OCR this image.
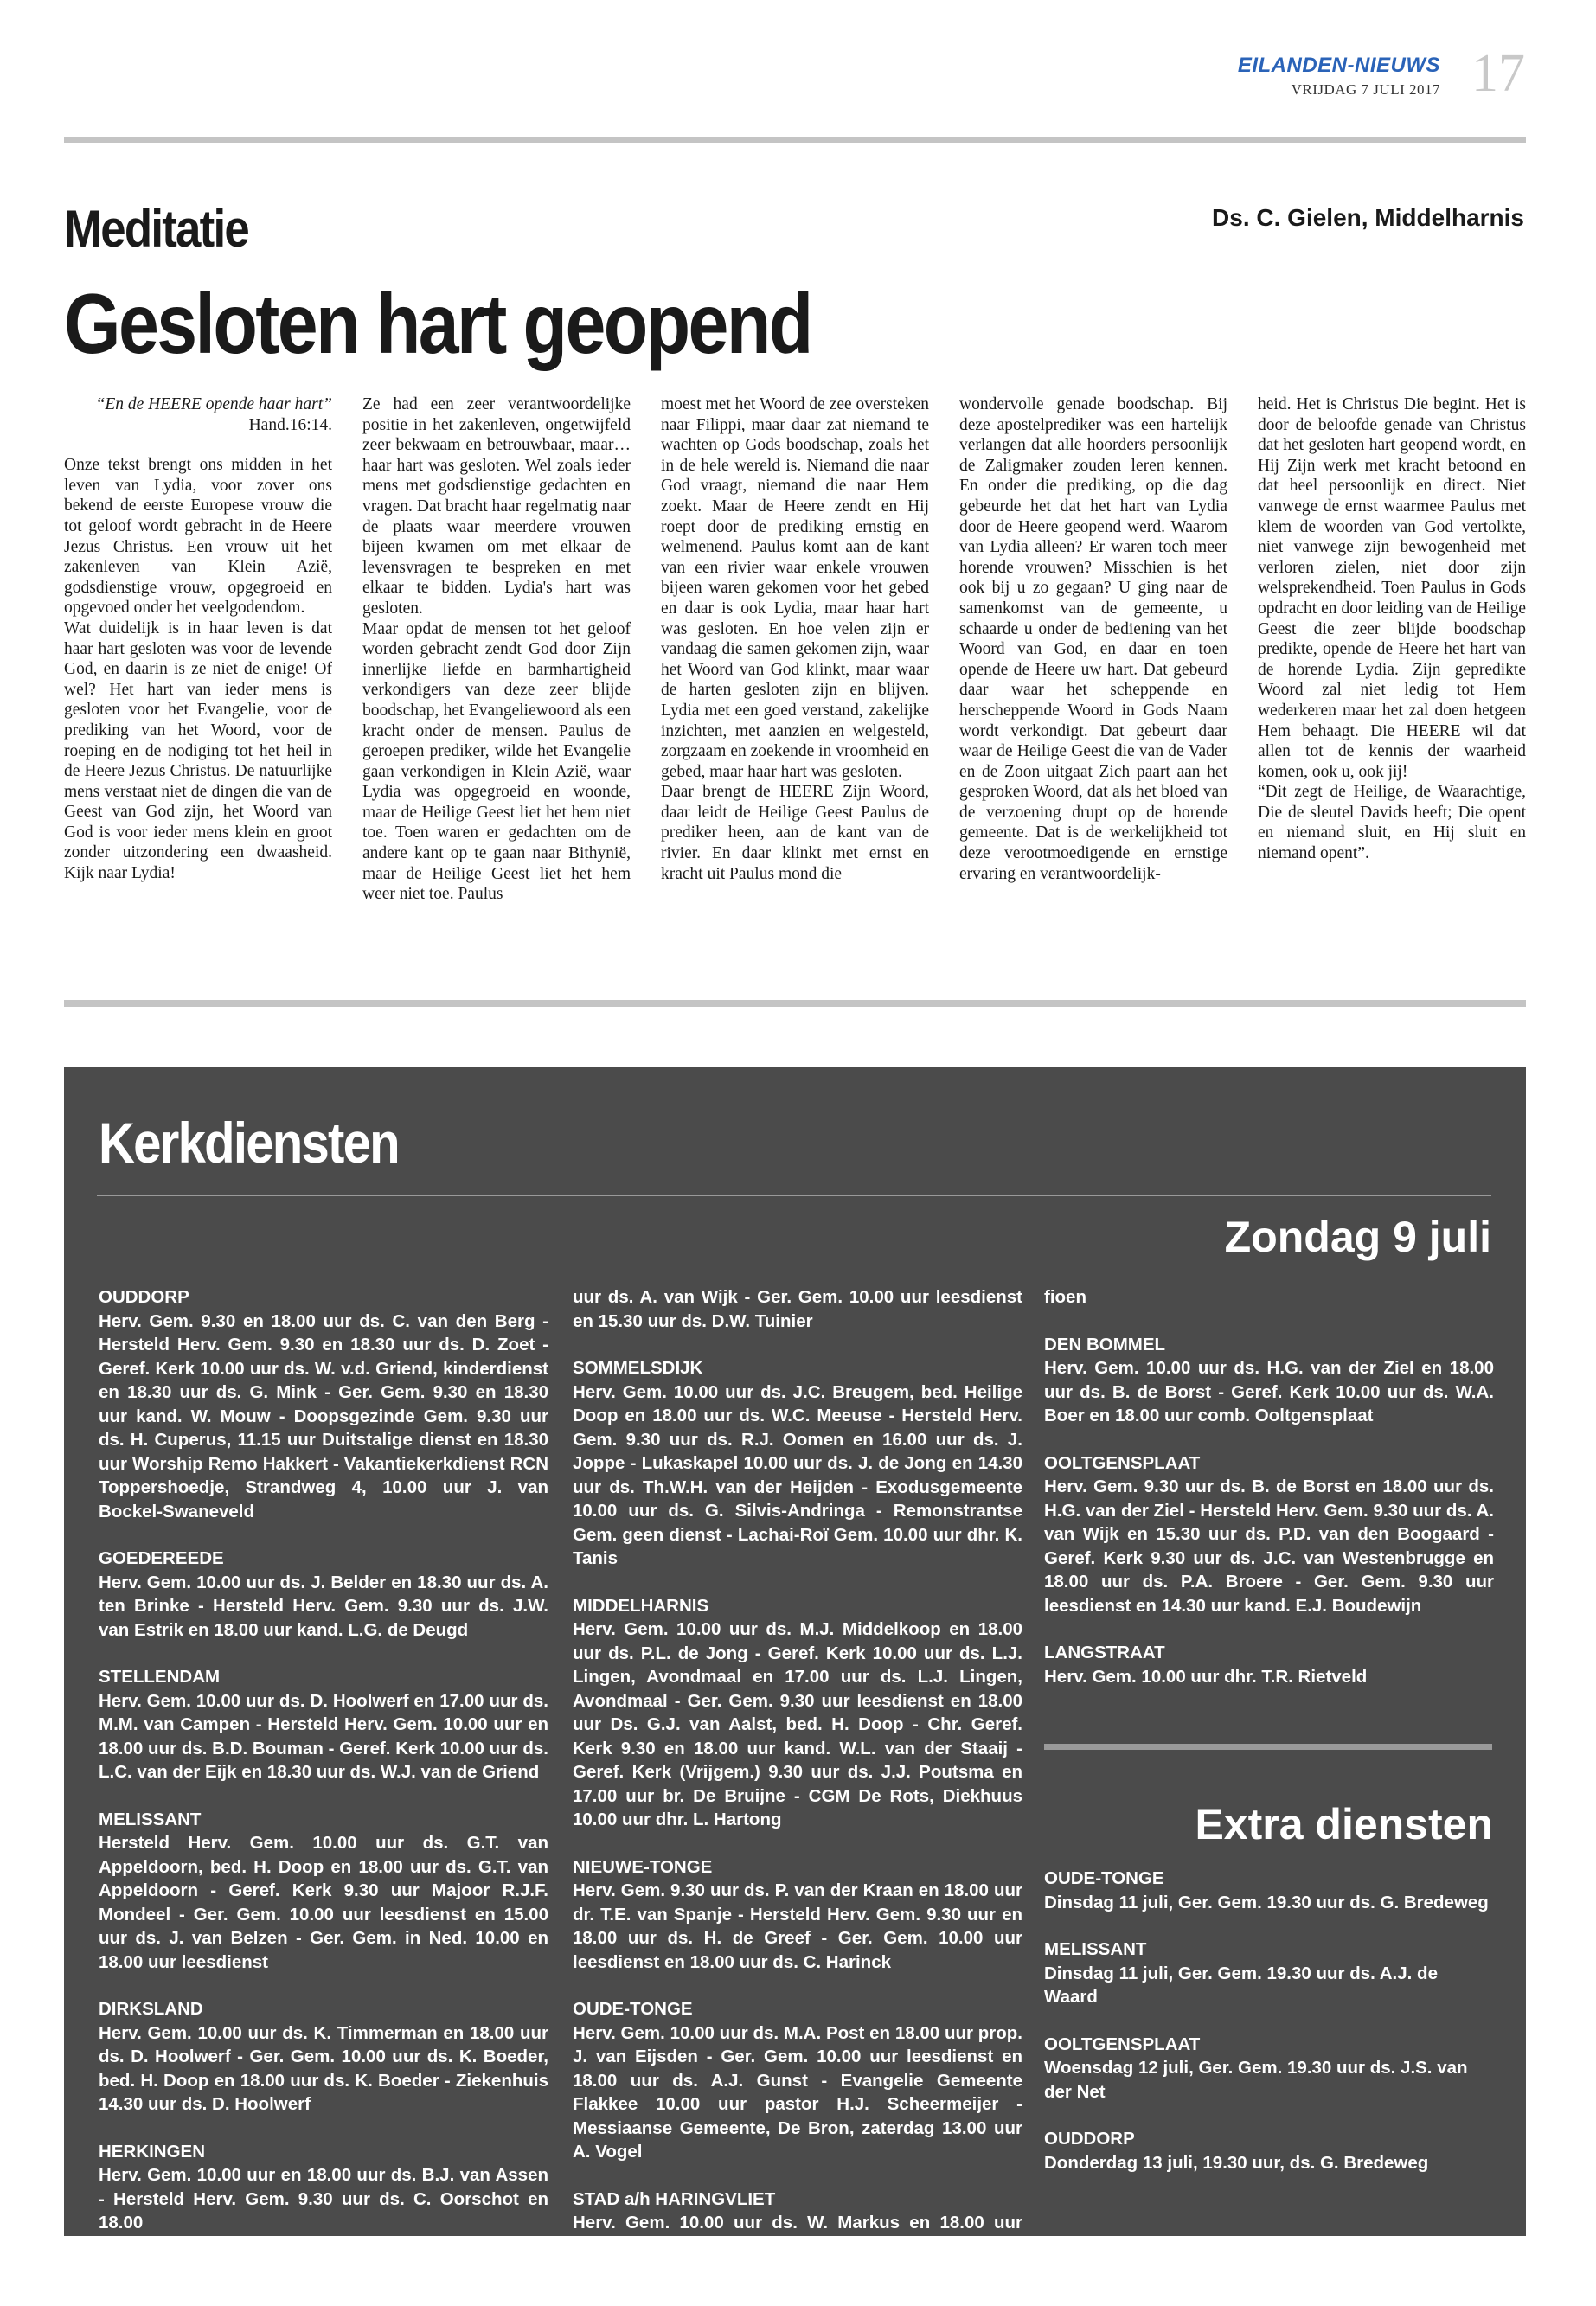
EILANDEN-NIEUWS
VRIJDAG 7 JULI 2017 17
Meditatie	Ds. C. Gielen, Middelharnis
Gesloten hart geopend

“En de HEERE opende haar hart”
Hand.16:14.

Onze tekst brengt ons midden in het leven van Lydia, voor zover ons bekend de eerste Europese vrouw die tot geloof wordt gebracht in de Heere Jezus Christus. Een vrouw uit het zakenleven van Klein Azië, godsdienstige vrouw, opgegroeid en opgevoed onder het veelgodendom.

Wat duidelijk is in haar leven is dat haar hart gesloten was voor de levende God, en daarin is ze niet de enige! Of wel? Het hart van ieder mens is gesloten voor het Evangelie, voor de prediking van het Woord, voor de roeping en de nodiging tot het heil in de Heere Jezus Christus. De natuurlijke mens verstaat niet de dingen die van de Geest van God zijn, het Woord van God is voor ieder mens klein en groot zonder uitzondering een dwaasheid. Kijk naar Lydia!

Ze had een zeer verantwoordelijke positie in het zakenleven, ongetwijfeld zeer bekwaam en betrouwbaar, maar… haar hart was gesloten. Wel zoals ieder mens met godsdienstige gedachten en vragen. Dat bracht haar regelmatig naar de plaats waar meerdere vrouwen bijeen kwamen om met elkaar de levensvragen te bespreken en met elkaar te bidden. Lydia's hart was gesloten.

Maar opdat de mensen tot het geloof worden gebracht zendt God door Zijn innerlijke liefde en barmhartigheid verkondigers van deze zeer blijde boodschap, het Evangeliewoord als een kracht onder de mensen. Paulus de geroepen prediker, wilde het Evangelie gaan verkondigen in Klein Azië, waar Lydia was opgegroeid en woonde, maar de Heilige Geest liet het hem niet toe. Toen waren er gedachten om de andere kant op te gaan naar Bithynië, maar de Heilige Geest liet het hem weer niet toe. Paulus

moest met het Woord de zee oversteken naar Filippi, maar daar zat niemand te wachten op Gods boodschap, zoals het in de hele wereld is. Niemand die naar God vraagt, niemand die naar Hem zoekt. Maar de Heere zendt en Hij roept door de prediking ernstig en welmenend. Paulus komt aan de kant van een rivier waar enkele vrouwen bijeen waren gekomen voor het gebed en daar is ook Lydia, maar haar hart was gesloten. En hoe velen zijn er vandaag die samen gekomen zijn, waar het Woord van God klinkt, maar waar de harten gesloten zijn en blijven. Lydia met een goed verstand, zakelijke inzichten, met aanzien en welgesteld, zorgzaam en zoekende in vroomheid en gebed, maar haar hart was gesloten.

Daar brengt de HEERE Zijn Woord, daar leidt de Heilige Geest Paulus de prediker heen, aan de kant van de rivier. En daar klinkt met ernst en kracht uit Paulus mond die

wondervolle genade boodschap. Bij deze apostelprediker was een hartelijk verlangen dat alle hoorders persoonlijk de Zaligmaker zouden leren kennen. En onder die prediking, op die dag gebeurde het dat het hart van Lydia door de Heere geopend werd. Waarom van Lydia alleen? Er waren toch meer horende vrouwen? Misschien is het ook bij u zo gegaan? U ging naar de samenkomst van de gemeente, u schaarde u onder de bediening van het Woord van God, en daar en toen opende de Heere uw hart. Dat gebeurd daar waar het scheppende en herscheppende Woord in Gods Naam wordt verkondigt. Dat gebeurt daar waar de Heilige Geest die van de Vader en de Zoon uitgaat Zich paart aan het gesproken Woord, dat als het bloed van de verzoening drupt op de horende gemeente. Dat is de werkelijkheid tot deze verootmoedigende en ernstige ervaring en verantwoordelijk-

heid. Het is Christus Die begint. Het is door de beloofde genade van Christus dat het gesloten hart geopend wordt, en Hij Zijn werk met kracht betoond en dat heel persoonlijk en direct. Niet vanwege de ernst waarmee Paulus met klem de woorden van God vertolkte, niet vanwege zijn bewogenheid met verloren zielen, niet door zijn welsprekendheid. Toen Paulus in Gods opdracht en door leiding van de Heilige Geest die zeer blijde boodschap predikte, opende de Heere het hart van de horende Lydia. Zijn gepredikte Woord zal niet ledig tot Hem wederkeren maar het zal doen hetgeen Hem behaagt. Die HEERE wil dat allen tot de kennis der waarheid komen, ook u, ook jij!

“Dit zegt de Heilige, de Waarachtige, Die de sleutel Davids heeft; Die opent en niemand sluit, en Hij sluit en niemand opent”.

Kerkdiensten
Zondag 9 juli
OUDDORP

Herv. Gem. 9.30 en 18.00 uur ds. C. van den Berg - Hersteld Herv. Gem. 9.30 en 18.30 uur ds. D. Zoet - Geref. Kerk 10.00 uur ds. W. v.d. Griend, kinderdienst en 18.30 uur ds. G. Mink - Ger. Gem. 9.30 en 18.30 uur kand. W. Mouw - Doopsgezinde Gem. 9.30 uur ds. H. Cuperus, 11.15 uur Duitstalige dienst en 18.30 uur Worship Remo Hakkert - Vakantiekerkdienst RCN Toppershoedje, Strandweg 4, 10.00 uur J. van Bockel-Swaneveld

GOEDEREEDE

Herv. Gem. 10.00 uur ds. J. Belder en 18.30 uur ds. A. ten Brinke - Hersteld Herv. Gem. 9.30 uur ds. J.W. van Estrik en 18.00 uur kand. L.G. de Deugd

STELLENDAM

Herv. Gem. 10.00 uur ds. D. Hoolwerf en 17.00 uur ds. M.M. van Campen - Hersteld Herv. Gem. 10.00 uur en 18.00 uur ds. B.D. Bouman - Geref. Kerk 10.00 uur ds. L.C. van der Eijk en 18.30 uur ds. W.J. van de Griend

MELISSANT

Hersteld Herv. Gem. 10.00 uur ds. G.T. van Appeldoorn, bed. H. Doop en 18.00 uur ds. G.T. van Appeldoorn - Geref. Kerk 9.30 uur Majoor R.J.F. Mondeel - Ger. Gem. 10.00 uur leesdienst en 15.00 uur ds. J. van Belzen - Ger. Gem. in Ned. 10.00 en 18.00 uur leesdienst

DIRKSLAND

Herv. Gem. 10.00 uur ds. K. Timmerman en 18.00 uur ds. D. Hoolwerf - Ger. Gem. 10.00 uur ds. K. Boeder, bed. H. Doop en 18.00 uur ds. K. Boeder - Ziekenhuis 14.30 uur ds. D. Hoolwerf

HERKINGEN

Herv. Gem. 10.00 uur en 18.00 uur ds. B.J. van Assen - Hersteld Herv. Gem. 9.30 uur ds. C. Oorschot en 18.00

uur ds. A. van Wijk - Ger. Gem. 10.00 uur leesdienst en 15.30 uur ds. D.W. Tuinier

SOMMELSDIJK

Herv. Gem. 10.00 uur ds. J.C. Breugem, bed. Heilige Doop en 18.00 uur ds. W.C. Meeuse - Hersteld Herv. Gem. 9.30 uur ds. R.J. Oomen en 16.00 uur ds. J. Joppe - Lukaskapel 10.00 uur ds. J. de Jong en 14.30 uur ds. Th.W.H. van der Heijden - Exodusgemeente 10.00 uur ds. G. Silvis-Andringa - Remonstrantse Gem. geen dienst - Lachai-Roï Gem. 10.00 uur dhr. K. Tanis

MIDDELHARNIS

Herv. Gem. 10.00 uur ds. M.J. Middelkoop en 18.00 uur ds. P.L. de Jong - Geref. Kerk 10.00 uur ds. L.J. Lingen, Avondmaal en 17.00 uur ds. L.J. Lingen, Avondmaal - Ger. Gem. 9.30 uur leesdienst en 18.00 uur Ds. G.J. van Aalst, bed. H. Doop - Chr. Geref. Kerk 9.30 en 18.00 uur kand. W.L. van der Staaij - Geref. Kerk (Vrijgem.) 9.30 uur ds. J.J. Poutsma en 17.00 uur br. De Bruijne - CGM De Rots, Diekhuus 10.00 uur dhr. L. Hartong

NIEUWE-TONGE

Herv. Gem. 9.30 uur ds. P. van der Kraan en 18.00 uur dr. T.E. van Spanje - Hersteld Herv. Gem. 9.30 uur en 18.00 uur ds. H. de Greef - Ger. Gem. 10.00 uur leesdienst en 18.00 uur ds. C. Harinck

OUDE-TONGE

Herv. Gem. 10.00 uur ds. M.A. Post en 18.00 uur prop. J. van Eijsden - Ger. Gem. 10.00 uur leesdienst en 18.00 uur ds. A.J. Gunst - Evangelie Gemeente Flakkee 10.00 uur pastor H.J. Scheermeijer - Messiaanse Gemeente, De Bron, zaterdag 13.00 uur A. Vogel

STAD a/h HARINGVLIET

Herv. Gem. 10.00 uur ds. W. Markus en 18.00 uur prop. A. van Kralingen - Geref. Kerk 10.00 uur ds. Jac. Grif-

fioen

DEN BOMMEL

Herv. Gem. 10.00 uur ds. H.G. van der Ziel en 18.00 uur ds. B. de Borst - Geref. Kerk 10.00 uur ds. W.A. Boer en 18.00 uur comb. Ooltgensplaat

OOLTGENSPLAAT

Herv. Gem. 9.30 uur ds. B. de Borst en 18.00 uur ds. H.G. van der Ziel - Hersteld Herv. Gem. 9.30 uur ds. A. van Wijk en 15.30 uur ds. P.D. van den Boogaard - Geref. Kerk 9.30 uur ds. J.C. van Westenbrugge en 18.00 uur ds. P.A. Broere - Ger. Gem. 9.30 uur leesdienst en 14.30 uur kand. E.J. Boudewijn

LANGSTRAAT

Herv. Gem. 10.00 uur dhr. T.R. Rietveld

Extra diensten
OUDE-TONGE

Dinsdag 11 juli, Ger. Gem. 19.30 uur ds. G. Bredeweg

MELISSANT

Dinsdag 11 juli, Ger. Gem. 19.30 uur ds. A.J. de Waard

OOLTGENSPLAAT

Woensdag 12 juli, Ger. Gem. 19.30 uur ds. J.S. van der Net

OUDDORP

Donderdag 13 juli, 19.30 uur, ds. G. Bredeweg
